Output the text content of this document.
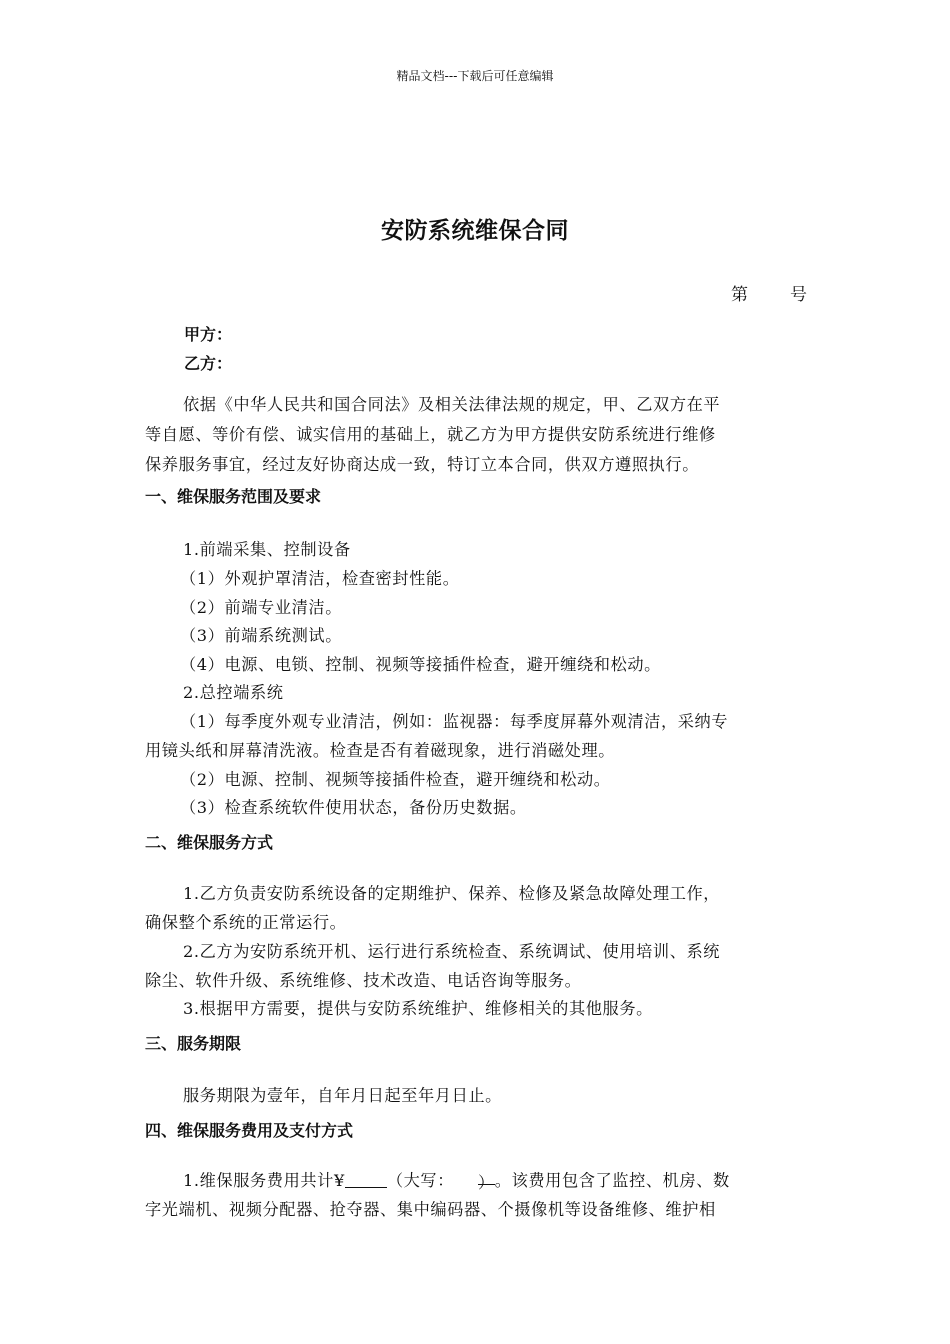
精品文档---下载后可任意编辑
安防系统维保合同
第 号
甲方：
乙方：
依据《中华人民共和国合同法》及相关法律法规的规定，甲、乙双方在平
等自愿、等价有偿、诚实信用的基础上，就乙方为甲方提供安防系统进行维修
保养服务事宜，经过友好协商达成一致，特订立本合同，供双方遵照执行。
一、维保服务范围及要求
1.前端采集、控制设备
（1）外观护罩清洁，检查密封性能。
（2）前端专业清洁。
（3）前端系统测试。
（4）电源、电锁、控制、视频等接插件检查，避开缠绕和松动。
2.总控端系统
（1）每季度外观专业清洁，例如：监视器：每季度屏幕外观清洁，采纳专
用镜头纸和屏幕清洗液。检查是否有着磁现象，进行消磁处理。
（2）电源、控制、视频等接插件检查，避开缠绕和松动。
（3）检查系统软件使用状态，备份历史数据。
二、维保服务方式
1.乙方负责安防系统设备的定期维护、保养、检修及紧急故障处理工作，
确保整个系统的正常运行。
2.乙方为安防系统开机、运行进行系统检查、系统调试、使用培训、系统
除尘、软件升级、系统维修、技术改造、电话咨询等服务。
3.根据甲方需要，提供与安防系统维护、维修相关的其他服务。
三、服务期限
服务期限为壹年，自年月日起至年月日止。
四、维保服务费用及支付方式
1.维保服务费用共计¥	（大写： ）。该费用包含了监控、机房、数
字光端机、视频分配器、抢夺器、集中编码器、个摄像机等设备维修、维护相
